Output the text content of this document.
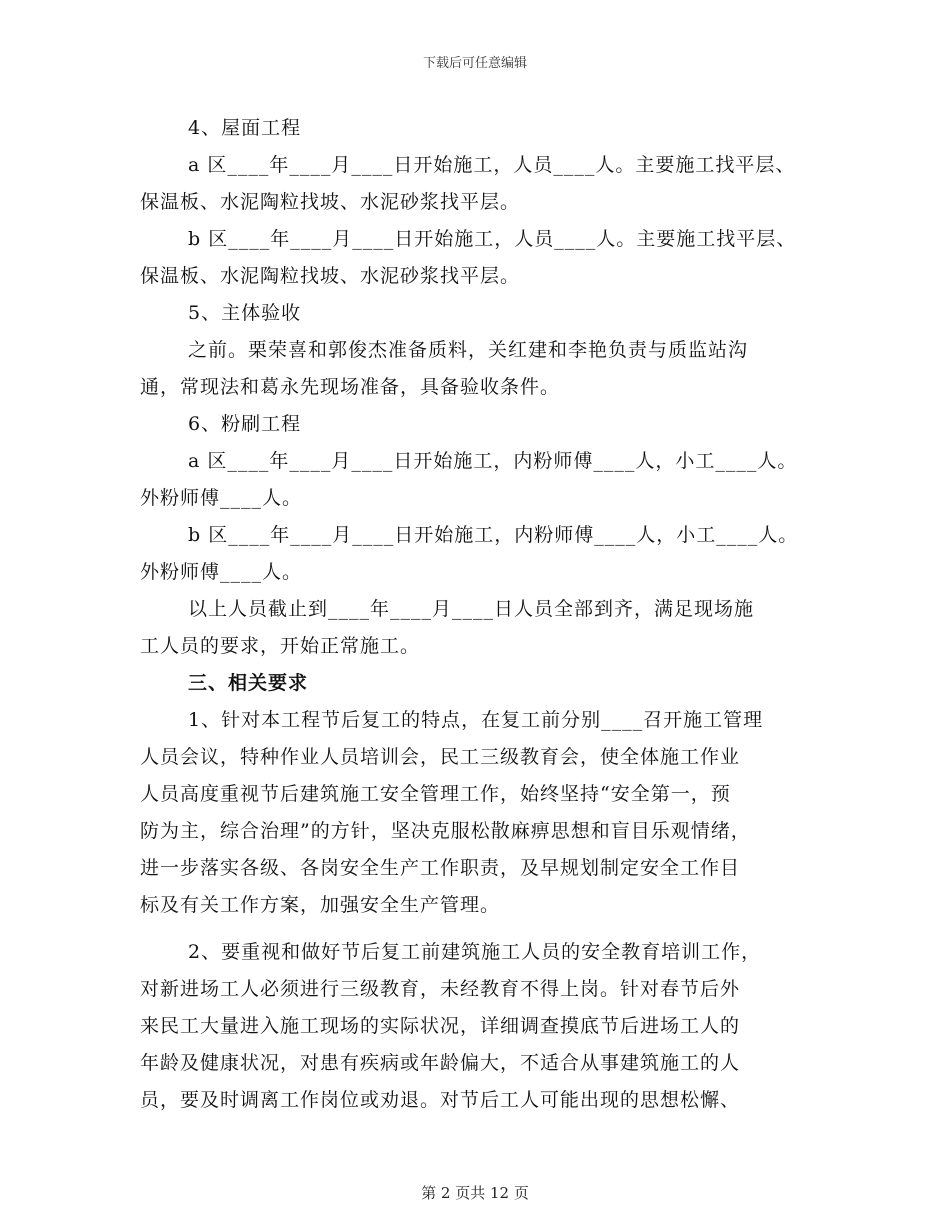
下载后可任意编辑
4、屋面工程
a 区____年____月____日开始施工，人员____人。主要施工找平层、
保温板、水泥陶粒找坡、水泥砂浆找平层。
b 区____年____月____日开始施工，人员____人。主要施工找平层、
保温板、水泥陶粒找坡、水泥砂浆找平层。
5、主体验收
之前。栗荣喜和郭俊杰准备质料，关红建和李艳负责与质监站沟
通，常现法和葛永先现场准备，具备验收条件。
6、粉刷工程
a 区____年____月____日开始施工，内粉师傅____人，小工____人。
外粉师傅____人。
b 区____年____月____日开始施工，内粉师傅____人，小工____人。
外粉师傅____人。
以上人员截止到____年____月____日人员全部到齐，满足现场施
工人员的要求，开始正常施工。
三、相关要求
1、针对本工程节后复工的特点，在复工前分别____召开施工管理
人员会议，特种作业人员培训会，民工三级教育会，使全体施工作业
人员高度重视节后建筑施工安全管理工作，始终坚持“安全第一，预
防为主，综合治理”的方针，坚决克服松散麻痹思想和盲目乐观情绪，
进一步落实各级、各岗安全生产工作职责，及早规划制定安全工作目
标及有关工作方案，加强安全生产管理。
2、要重视和做好节后复工前建筑施工人员的安全教育培训工作，
对新进场工人必须进行三级教育，未经教育不得上岗。针对春节后外
来民工大量进入施工现场的实际状况，详细调查摸底节后进场工人的
年龄及健康状况，对患有疾病或年龄偏大，不适合从事建筑施工的人
员，要及时调离工作岗位或劝退。对节后工人可能出现的思想松懈、
第 2 页共 12 页
